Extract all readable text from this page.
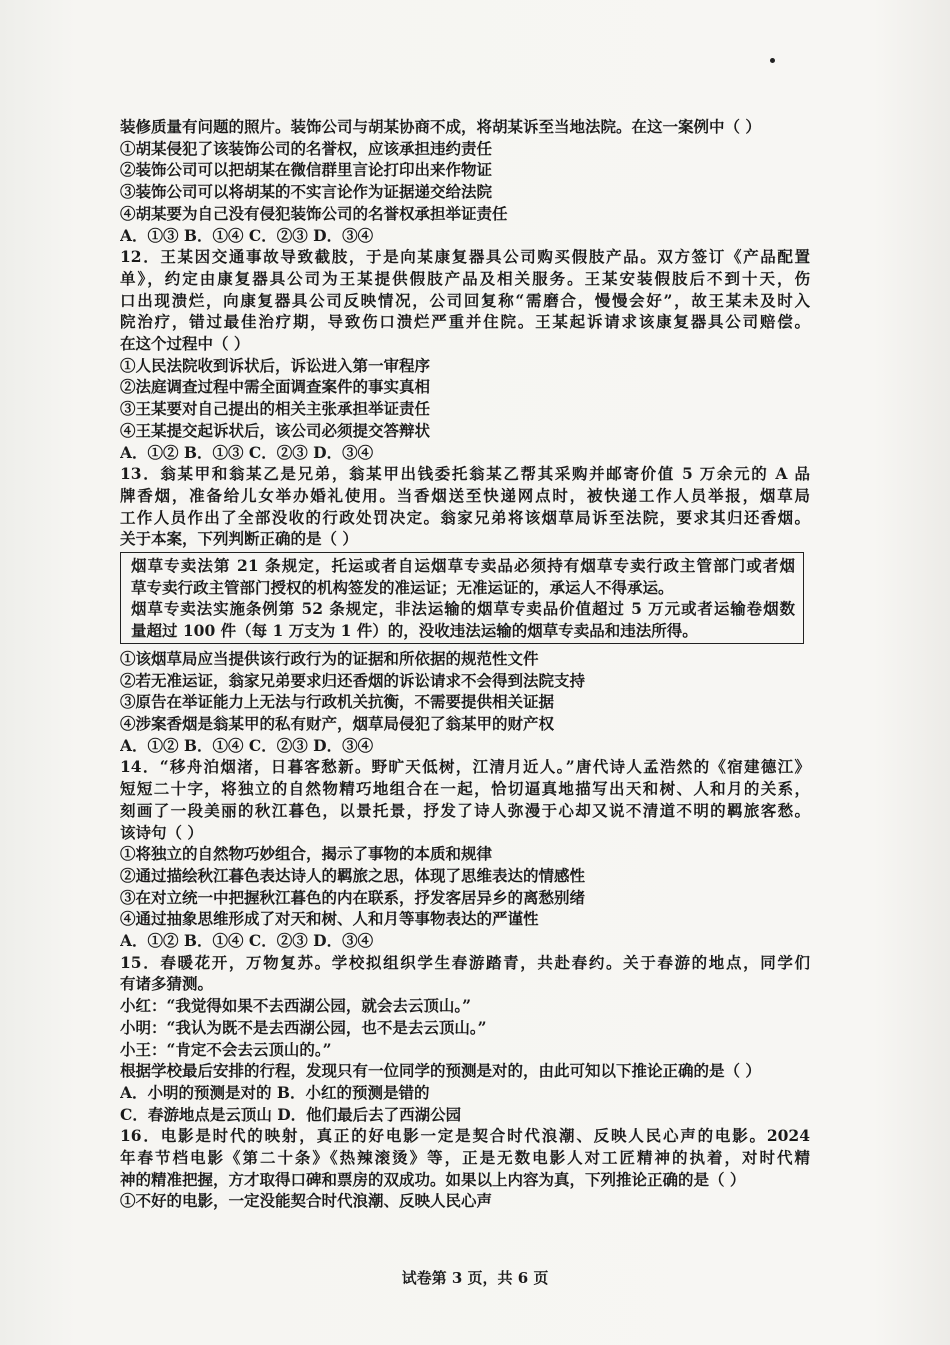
装修质量有问题的照片。装饰公司与胡某协商不成，将胡某诉至当地法院。在这一案例中（ ）
①胡某侵犯了该装饰公司的名誉权，应该承担违约责任
②装饰公司可以把胡某在微信群里言论打印出来作物证
③装饰公司可以将胡某的不实言论作为证据递交给法院
④胡某要为自己没有侵犯装饰公司的名誉权承担举证责任
A．①③ B．①④ C．②③ D．③④
12．王某因交通事故导致截肢，于是向某康复器具公司购买假肢产品。双方签订《产品配置
单》，约定由康复器具公司为王某提供假肢产品及相关服务。王某安装假肢后不到十天，伤
口出现溃烂，向康复器具公司反映情况，公司回复称“需磨合，慢慢会好”，故王某未及时入
院治疗，错过最佳治疗期，导致伤口溃烂严重并住院。王某起诉请求该康复器具公司赔偿。
在这个过程中（ ）
①人民法院收到诉状后，诉讼进入第一审程序
②法庭调查过程中需全面调查案件的事实真相
③王某要对自己提出的相关主张承担举证责任
④王某提交起诉状后，该公司必须提交答辩状
A．①② B．①③ C．②③ D．③④
13．翁某甲和翁某乙是兄弟，翁某甲出钱委托翁某乙帮其采购并邮寄价值 5 万余元的 A 品
牌香烟，准备给儿女举办婚礼使用。当香烟送至快递网点时，被快递工作人员举报，烟草局
工作人员作出了全部没收的行政处罚决定。翁家兄弟将该烟草局诉至法院，要求其归还香烟。
关于本案，下列判断正确的是（ ）
烟草专卖法第 21 条规定，托运或者自运烟草专卖品必须持有烟草专卖行政主管部门或者烟
草专卖行政主管部门授权的机构签发的准运证；无准运证的，承运人不得承运。
烟草专卖法实施条例第 52 条规定，非法运输的烟草专卖品价值超过 5 万元或者运输卷烟数
量超过 100 件（每 1 万支为 1 件）的，没收违法运输的烟草专卖品和违法所得。
①该烟草局应当提供该行政行为的证据和所依据的规范性文件
②若无准运证，翁家兄弟要求归还香烟的诉讼请求不会得到法院支持
③原告在举证能力上无法与行政机关抗衡，不需要提供相关证据
④涉案香烟是翁某甲的私有财产，烟草局侵犯了翁某甲的财产权
A．①② B．①④ C．②③ D．③④
14．“移舟泊烟渚，日暮客愁新。野旷天低树，江清月近人。”唐代诗人孟浩然的《宿建德江》
短短二十字，将独立的自然物精巧地组合在一起，恰切逼真地描写出天和树、人和月的关系，
刻画了一段美丽的秋江暮色，以景托景，抒发了诗人弥漫于心却又说不清道不明的羁旅客愁。
该诗句（ ）
①将独立的自然物巧妙组合，揭示了事物的本质和规律
②通过描绘秋江暮色表达诗人的羁旅之思，体现了思维表达的情感性
③在对立统一中把握秋江暮色的内在联系，抒发客居异乡的离愁别绪
④通过抽象思维形成了对天和树、人和月等事物表达的严谨性
A．①② B．①④ C．②③ D．③④
15．春暖花开，万物复苏。学校拟组织学生春游踏青，共赴春约。关于春游的地点，同学们
有诸多猜测。
小红：“我觉得如果不去西湖公园，就会去云顶山。”
小明：“我认为既不是去西湖公园，也不是去云顶山。”
小王：“肯定不会去云顶山的。”
根据学校最后安排的行程，发现只有一位同学的预测是对的，由此可知以下推论正确的是（ ）
A．小明的预测是对的 B．小红的预测是错的
C．春游地点是云顶山 D．他们最后去了西湖公园
16．电影是时代的映射，真正的好电影一定是契合时代浪潮、反映人民心声的电影。2024
年春节档电影《第二十条》《热辣滚烫》等，正是无数电影人对工匠精神的执着，对时代精
神的精准把握，方才取得口碑和票房的双成功。如果以上内容为真，下列推论正确的是（ ）
①不好的电影，一定没能契合时代浪潮、反映人民心声
试卷第 3 页，共 6 页
